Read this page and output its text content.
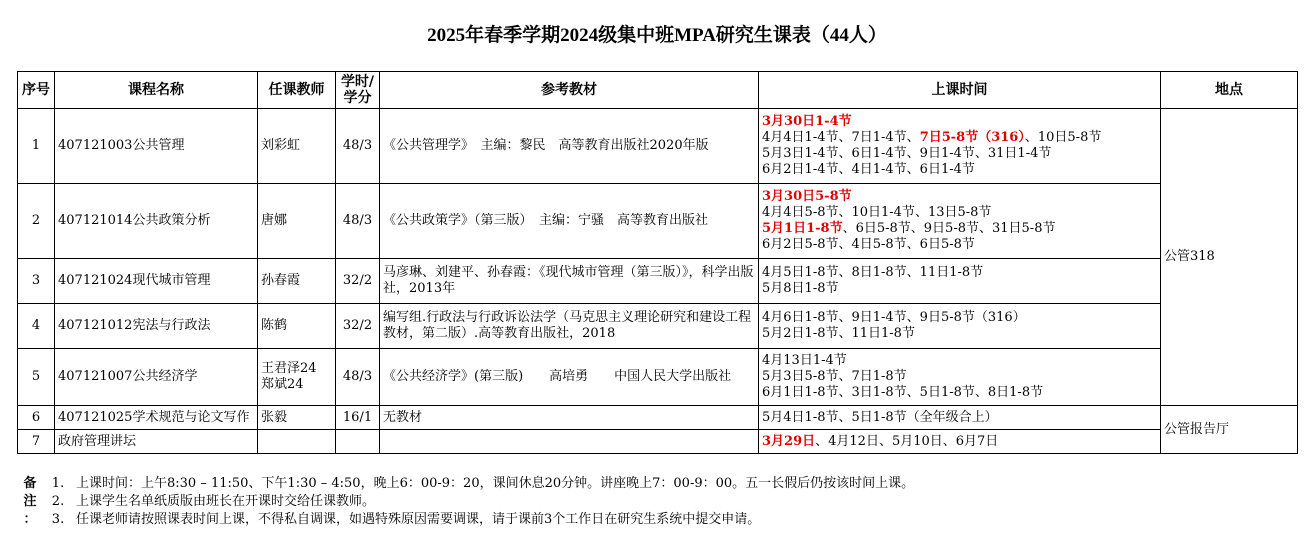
2025年春季学期2024级集中班MPA研究生课表（44人）
序号	课程名称	任课教师	学时/
学分	参考教材	上课时间	地点
1	407121003公共管理	刘彩虹	48/3	《公共管理学》　主编：黎民　高等教育出版社2020年版	3月30日1-4节
4月4日1-4节、7日1-4节、7日5-8节（316）、10日5-8节
5月3日1-4节、6日1-4节、9日1-4节、31日1-4节
6月2日1-4节、4日1-4节、6日1-4节	公管318
2	407121014公共政策分析	唐娜	48/3	《公共政策学》（第三版）　主编：宁骚　高等教育出版社	3月30日5-8节
4月4日5-8节、10日1-4节、13日5-8节
5月1日1-8节、6日5-8节、9日5-8节、31日5-8节
6月2日5-8节、4日5-8节、6日5-8节	

3	407121024现代城市管理	孙春霞	32/2	马彦琳、刘建平、孙春霞：《现代城市管理（第三版）》，科学出版社，2013年	4月5日1-8节、8日1-8节、11日1-8节
5月8日1-8节	

4	407121012宪法与行政法	陈鹤	32/2	编写组.行政法与行政诉讼法学（马克思主义理论研究和建设工程教材，第二版）.高等教育出版社，2018	4月6日1-8节、9日1-4节、9日5-8节（316）
5月2日1-8节、11日1-8节	

5	407121007公共经济学	王君泽24
郑斌24	48/3	《公共经济学》(第三版)　　高培勇　　中国人民大学出版社	4月13日1-4节
5月3日5-8节、7日1-8节
6月1日1-8节、3日1-8节、5日1-8节、8日1-8节	

6	407121025学术规范与论文写作	张毅	16/1	无教材	5月4日1-8节、5日1-8节（全年级合上）	公管报告厅
7	政府管理讲坛				3月29日、4月12日、5月10日、6月7日	
备	1. 上课时间：上午8:30 – 11:50、下午1:30 – 4:50，晚上6：00-9：20，课间休息20分钟。讲座晚上7：00-9：00。五一长假后仍按该时间上课。
注	2. 上课学生名单纸质版由班长在开课时交给任课教师。
：	3. 任课老师请按照课表时间上课，不得私自调课，如遇特殊原因需要调课，请于课前3个工作日在研究生系统中提交申请。
